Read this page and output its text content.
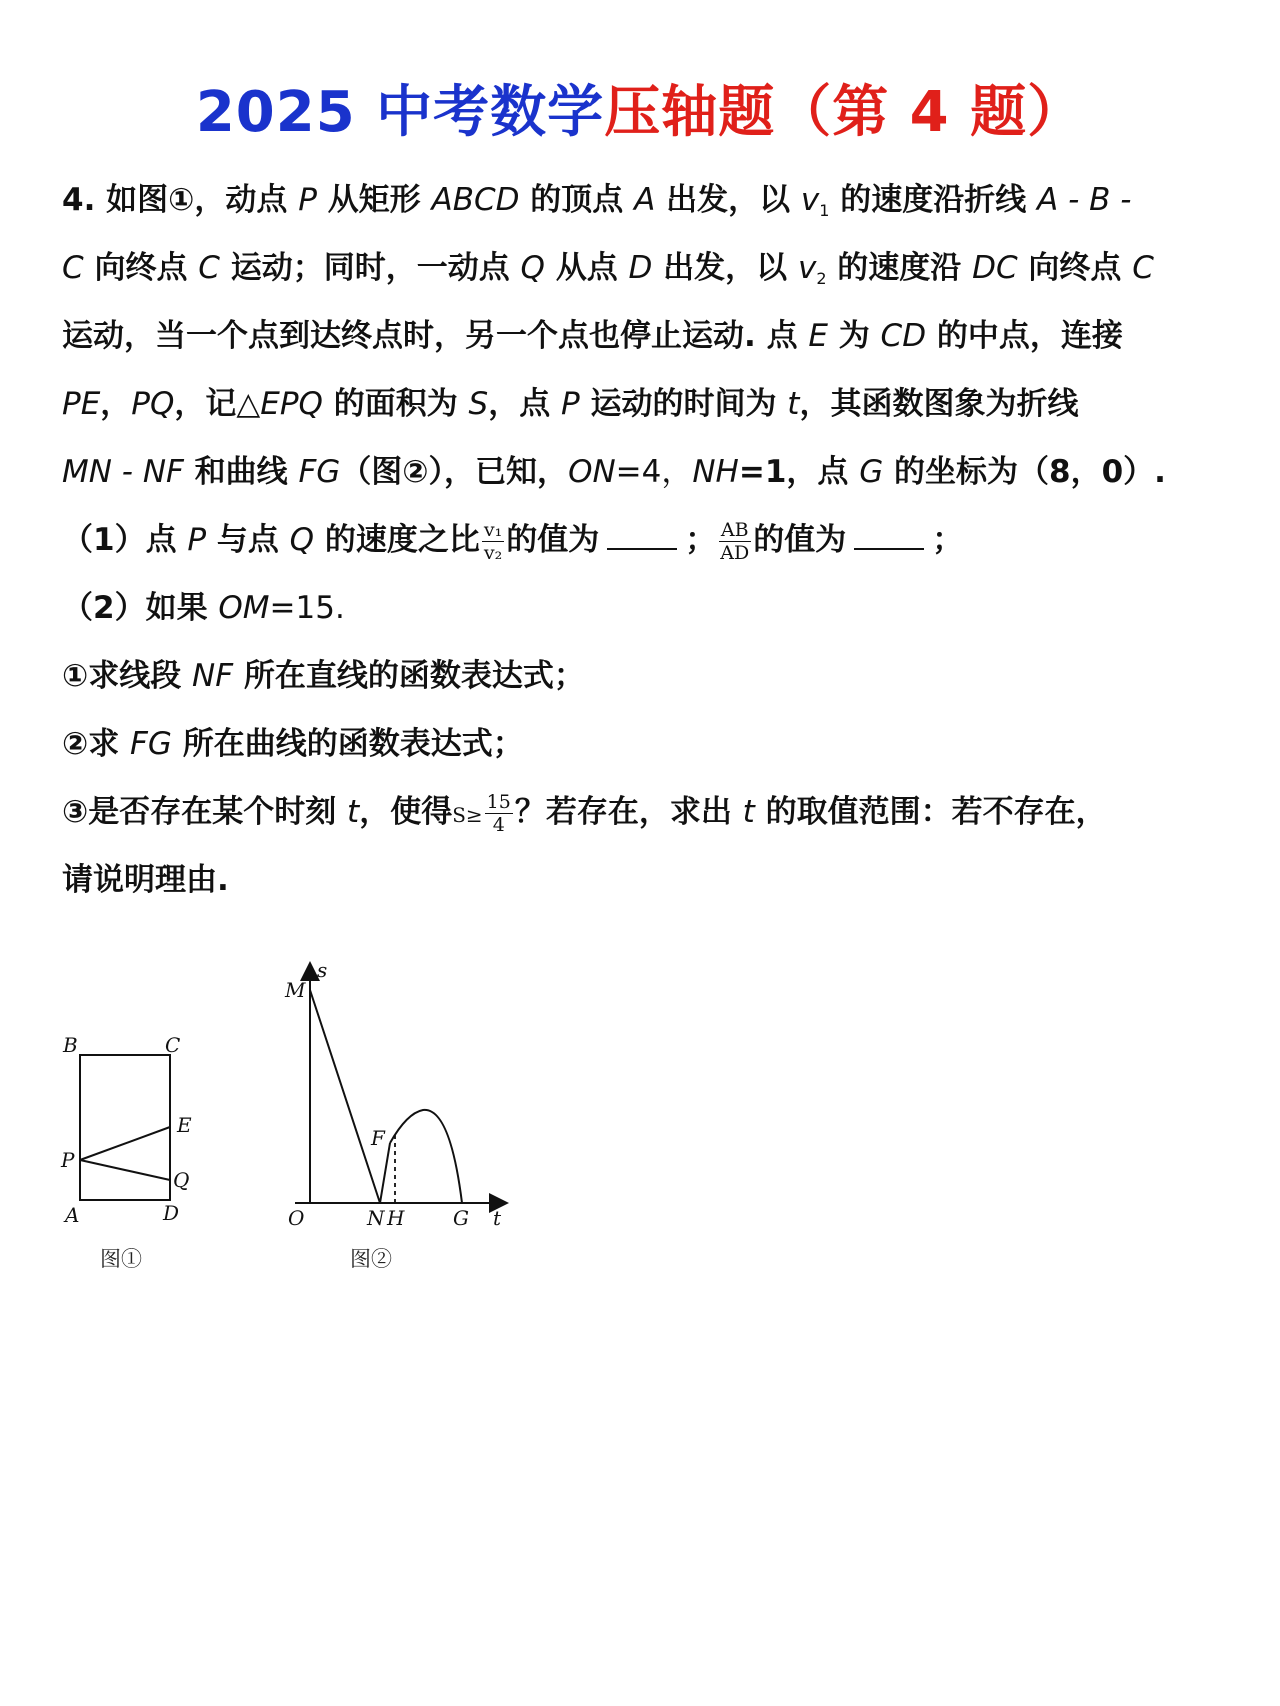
2025 中考数学压轴题（第 4 题）
4. 如图①，动点 P 从矩形 ABCD 的顶点 A 出发，以 $v_1$ 的速度沿折线 A - B -
C 向终点 C 运动；同时，一动点 Q 从点 D 出发，以 $v_2$ 的速度沿 DC 向终点 C
运动，当一个点到达终点时，另一个点也停止运动. 点 E 为 CD 的中点，连接
PE，PQ，记△EPQ 的面积为 S，点 P 运动的时间为 t，其函数图象为折线
MN - NF 和曲线 FG（图②），已知，ON=4，NH=1，点 G 的坐标为（8，0）.
（1）点 P 与点 Q 的速度之比 $\frac{\text{v₁}}{\text{v₂}}$ 的值为	； $\frac{AB}{AD}$ 的值为	；
（2）如果 OM=15.
①求线段 NF 所在直线的函数表达式；
②求 FG 所在曲线的函数表达式；
③是否存在某个时刻 t，使得$S\ge \frac{15}{4}$ ？若存在，求出 t 的取值范围：若不存在，
请说明理由.
B	C
E
P
Q
A	D
图①
s
M
F
O	N H G t
图②
